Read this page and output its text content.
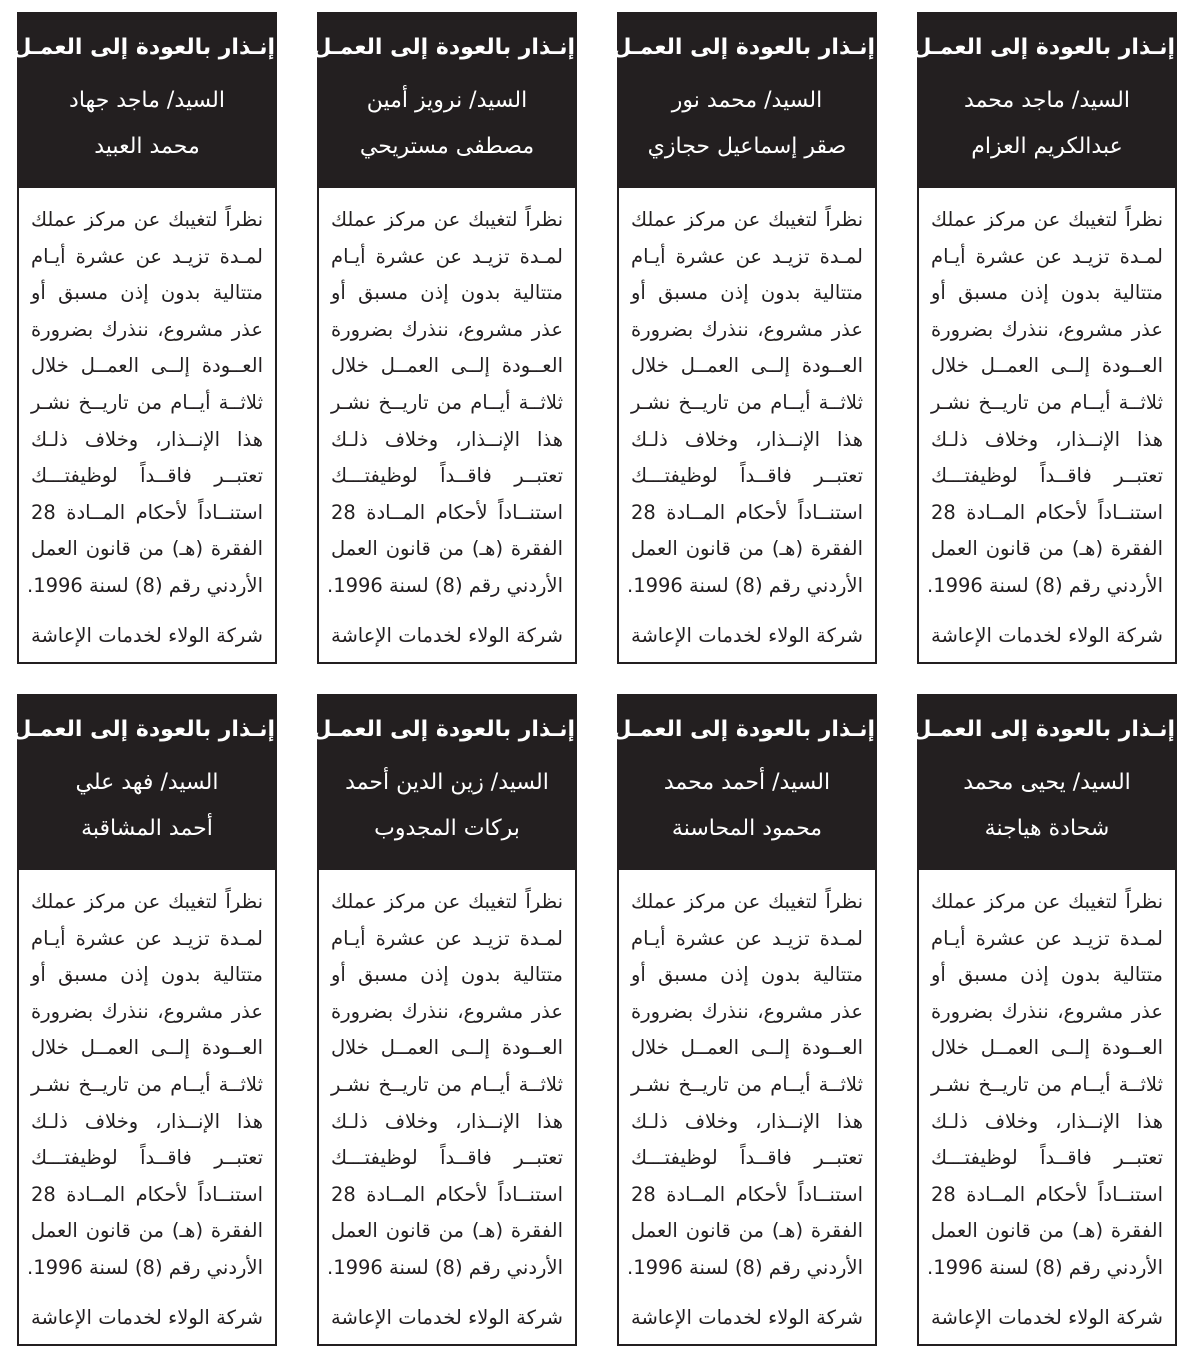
إنـذار بالعودة إلى العمـل
السيد/ ماجد محمد
عبدالكريم العزام
نظراً لتغيبك عن مركز عملك
لمـدة تزيـد عن عشرة أيـام
متتالية بدون إذن مسبق أو
عذر مشروع، ننذرك بضرورة
العــودة إلــى العمــل خلال
ثلاثــة أيــام من تاريــخ نشـر
هذا الإنــذار، وخلاف ذلـك
تعتبــر فاقــداً لوظيفتـــك
استنــاداً لأحكام المــادة 28
الفقرة (هـ) من قانون العمل
الأردني رقم (8) لسنة 1996.
شركة الولاء لخدمات الإعاشة
إنـذار بالعودة إلى العمـل
السيد/ محمد نور
صقر إسماعيل حجازي
نظراً لتغيبك عن مركز عملك
لمـدة تزيـد عن عشرة أيـام
متتالية بدون إذن مسبق أو
عذر مشروع، ننذرك بضرورة
العــودة إلــى العمــل خلال
ثلاثــة أيــام من تاريــخ نشـر
هذا الإنــذار، وخلاف ذلـك
تعتبــر فاقــداً لوظيفتـــك
استنــاداً لأحكام المــادة 28
الفقرة (هـ) من قانون العمل
الأردني رقم (8) لسنة 1996.
شركة الولاء لخدمات الإعاشة
إنـذار بالعودة إلى العمـل
السيد/ نرويز أمين
مصطفى مستريحي
نظراً لتغيبك عن مركز عملك
لمـدة تزيـد عن عشرة أيـام
متتالية بدون إذن مسبق أو
عذر مشروع، ننذرك بضرورة
العــودة إلــى العمــل خلال
ثلاثــة أيــام من تاريــخ نشـر
هذا الإنــذار، وخلاف ذلـك
تعتبــر فاقــداً لوظيفتـــك
استنــاداً لأحكام المــادة 28
الفقرة (هـ) من قانون العمل
الأردني رقم (8) لسنة 1996.
شركة الولاء لخدمات الإعاشة
إنـذار بالعودة إلى العمـل
السيد/ ماجد جهاد
محمد العبيد
نظراً لتغيبك عن مركز عملك
لمـدة تزيـد عن عشرة أيـام
متتالية بدون إذن مسبق أو
عذر مشروع، ننذرك بضرورة
العــودة إلــى العمــل خلال
ثلاثــة أيــام من تاريــخ نشـر
هذا الإنــذار، وخلاف ذلـك
تعتبــر فاقــداً لوظيفتـــك
استنــاداً لأحكام المــادة 28
الفقرة (هـ) من قانون العمل
الأردني رقم (8) لسنة 1996.
شركة الولاء لخدمات الإعاشة
إنـذار بالعودة إلى العمـل
السيد/ يحيى محمد
شحادة هياجنة
نظراً لتغيبك عن مركز عملك
لمـدة تزيـد عن عشرة أيـام
متتالية بدون إذن مسبق أو
عذر مشروع، ننذرك بضرورة
العــودة إلــى العمــل خلال
ثلاثــة أيــام من تاريــخ نشـر
هذا الإنــذار، وخلاف ذلـك
تعتبــر فاقــداً لوظيفتـــك
استنــاداً لأحكام المــادة 28
الفقرة (هـ) من قانون العمل
الأردني رقم (8) لسنة 1996.
شركة الولاء لخدمات الإعاشة
إنـذار بالعودة إلى العمـل
السيد/ أحمد محمد
محمود المحاسنة
نظراً لتغيبك عن مركز عملك
لمـدة تزيـد عن عشرة أيـام
متتالية بدون إذن مسبق أو
عذر مشروع، ننذرك بضرورة
العــودة إلــى العمــل خلال
ثلاثــة أيــام من تاريــخ نشـر
هذا الإنــذار، وخلاف ذلـك
تعتبــر فاقــداً لوظيفتـــك
استنــاداً لأحكام المــادة 28
الفقرة (هـ) من قانون العمل
الأردني رقم (8) لسنة 1996.
شركة الولاء لخدمات الإعاشة
إنـذار بالعودة إلى العمـل
السيد/ زين الدين أحمد
بركات المجدوب
نظراً لتغيبك عن مركز عملك
لمـدة تزيـد عن عشرة أيـام
متتالية بدون إذن مسبق أو
عذر مشروع، ننذرك بضرورة
العــودة إلــى العمــل خلال
ثلاثــة أيــام من تاريــخ نشـر
هذا الإنــذار، وخلاف ذلـك
تعتبــر فاقــداً لوظيفتـــك
استنــاداً لأحكام المــادة 28
الفقرة (هـ) من قانون العمل
الأردني رقم (8) لسنة 1996.
شركة الولاء لخدمات الإعاشة
إنـذار بالعودة إلى العمـل
السيد/ فهد علي
أحمد المشاقبة
نظراً لتغيبك عن مركز عملك
لمـدة تزيـد عن عشرة أيـام
متتالية بدون إذن مسبق أو
عذر مشروع، ننذرك بضرورة
العــودة إلــى العمــل خلال
ثلاثــة أيــام من تاريــخ نشـر
هذا الإنــذار، وخلاف ذلـك
تعتبــر فاقــداً لوظيفتـــك
استنــاداً لأحكام المــادة 28
الفقرة (هـ) من قانون العمل
الأردني رقم (8) لسنة 1996.
شركة الولاء لخدمات الإعاشة
